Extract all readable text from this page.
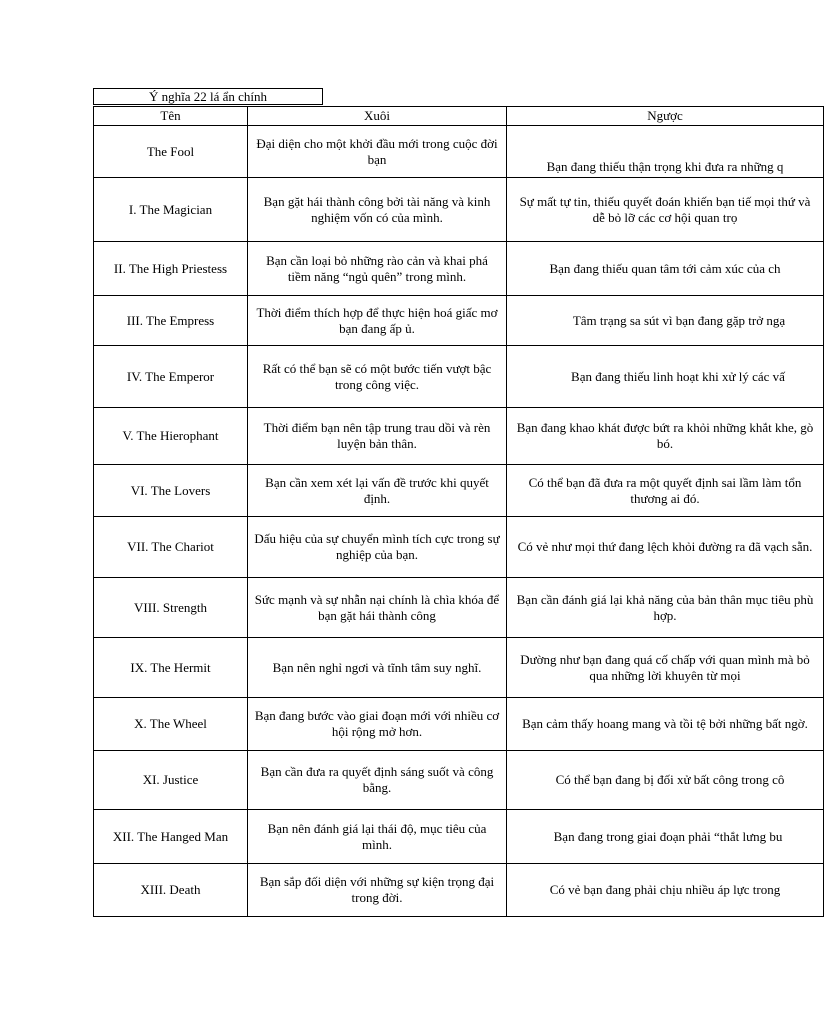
Ý nghĩa 22 lá ẩn chính
Tên	Xuôi	Ngược
The Fool	Đại diện cho một khởi đầu mới trong cuộc đời bạn	Bạn đang thiếu thận trọng khi đưa ra những q
I. The Magician	Bạn gặt hái thành công bởi tài năng và kinh nghiệm vốn có của mình.	Sự mất tự tin, thiếu quyết đoán khiến bạn tiế mọi thứ và dễ bỏ lỡ các cơ hội quan trọ
II. The High Priestess	Bạn cần loại bỏ những rào cản và khai phá tiềm năng “ngủ quên” trong mình.	Bạn đang thiếu quan tâm tới cảm xúc của ch
III. The Empress	Thời điểm thích hợp để thực hiện hoá giấc mơ bạn đang ấp ủ.	Tâm trạng sa sút vì bạn đang gặp trở ngạ
IV. The Emperor	Rất có thể bạn sẽ có một bước tiến vượt bậc trong công việc.	Bạn đang thiếu linh hoạt khi xử lý các vấ
V. The Hierophant	Thời điểm bạn nên tập trung trau dồi và rèn luyện bản thân.	Bạn đang khao khát được bứt ra khỏi những khắt khe, gò bó.
VI. The Lovers	Bạn cần xem xét lại vấn đề trước khi quyết định.	Có thể bạn đã đưa ra một quyết định sai lầm làm tổn thương ai đó.
VII. The Chariot	Dấu hiệu của sự chuyển mình tích cực trong sự nghiệp của bạn.	Có vẻ như mọi thứ đang lệch khỏi đường ra đã vạch sẵn.
VIII. Strength	Sức mạnh và sự nhẫn nại chính là chìa khóa để bạn gặt hái thành công	Bạn cần đánh giá lại khả năng của bản thân mục tiêu phù hợp.
IX. The Hermit	Bạn nên nghỉ ngơi và tĩnh tâm suy nghĩ.	Dường như bạn đang quá cố chấp với quan mình mà bỏ qua những lời khuyên từ mọi
X. The Wheel	Bạn đang bước vào giai đoạn mới với nhiều cơ hội rộng mở hơn.	Bạn cảm thấy hoang mang và tồi tệ bởi những bất ngờ.
XI. Justice	Bạn cần đưa ra quyết định sáng suốt và công bằng.	Có thể bạn đang bị đối xử bất công trong cô
XII. The Hanged Man	Bạn nên đánh giá lại thái độ, mục tiêu của mình.	Bạn đang trong giai đoạn phải “thắt lưng bu
XIII. Death	Bạn sắp đối diện với những sự kiện trọng đại trong đời.	Có vẻ bạn đang phải chịu nhiều áp lực trong
